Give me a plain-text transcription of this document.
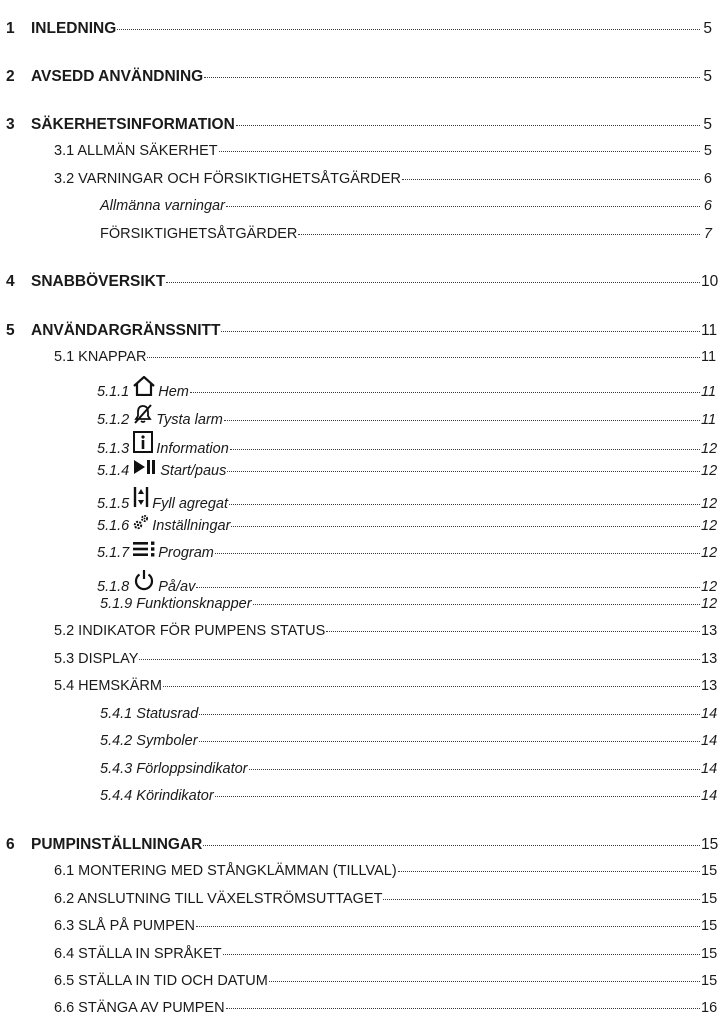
1	INLEDNING	5
2	AVSEDD ANVÄNDNING	5
3	SÄKERHETSINFORMATION	5
3.1 ALLMÄN SÄKERHET	5
3.2 VARNINGAR OCH FÖRSIKTIGHETSÅTGÄRDER	6
Allmänna varningar	6
FÖRSIKTIGHETSÅTGÄRDER	7
4	SNABBÖVERSIKT	10
5	ANVÄNDARGRÄNSSNITT	11
5.1 KNAPPAR	11
5.1.1 Hem	11
5.1.2 Tysta larm	11
5.1.3 Information	12
5.1.4 Start/paus	12
5.1.5 Fyll agregat	12
5.1.6 Inställningar	12
5.1.7 Program	12
5.1.8 På/av	12
5.1.9 Funktionsknapper	12
5.2 INDIKATOR FÖR PUMPENS STATUS	13
5.3 DISPLAY	13
5.4 HEMSKÄRM	13
5.4.1 Statusrad	14
5.4.2 Symboler	14
5.4.3 Förloppsindikator	14
5.4.4 Körindikator	14
6	PUMPINSTÄLLNINGAR	15
6.1 MONTERING MED STÅNGKLÄMMAN (TILLVAL)	15
6.2 ANSLUTNING TILL VÄXELSTRÖMSUTTAGET	15
6.3 SLÅ PÅ PUMPEN	15
6.4 STÄLLA IN SPRÅKET	15
6.5 STÄLLA IN TID OCH DATUM	15
6.6 STÄNGA AV PUMPEN	16
